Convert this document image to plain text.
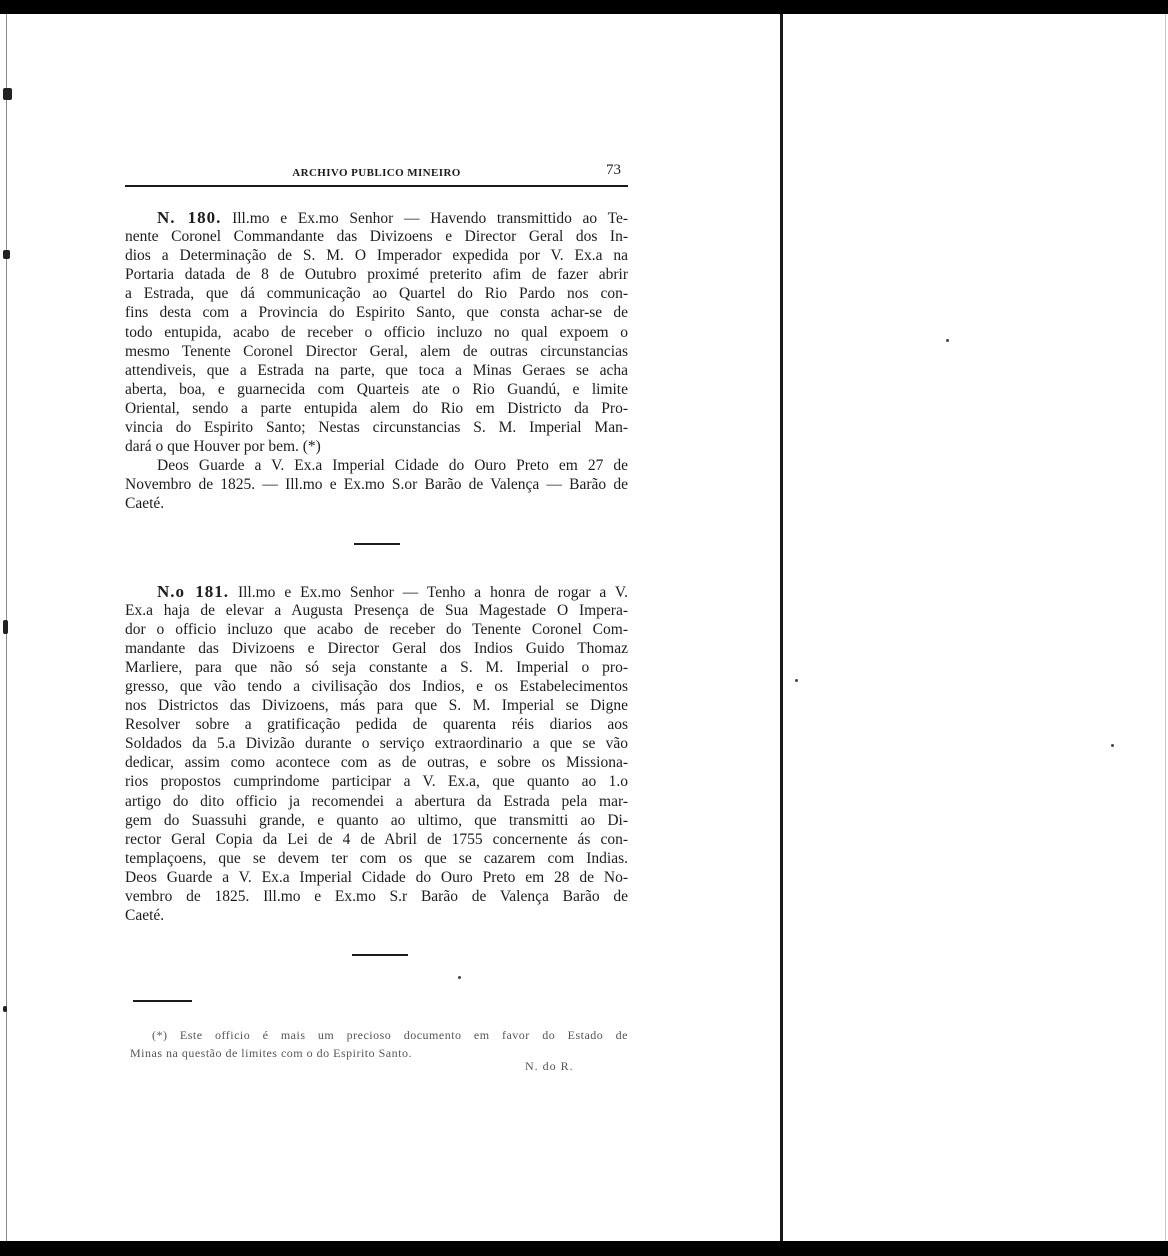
ARCHIVO PUBLICO MINEIRO	73
N. 180. Ill.mo e Ex.mo Senhor — Havendo transmittido ao Te-
nente Coronel Commandante das Divizoens e Director Geral dos In-
dios a Determinação de S. M. O Imperador expedida por V. Ex.a na
Portaria datada de 8 de Outubro proximé preterito afim de fazer abrir
a Estrada, que dá communicação ao Quartel do Rio Pardo nos con-
fins desta com a Provincia do Espirito Santo, que consta achar-se de
todo entupida, acabo de receber o officio incluzo no qual expoem o
mesmo Tenente Coronel Director Geral, alem de outras circunstancias
attendiveis, que a Estrada na parte, que toca a Minas Geraes se acha
aberta, boa, e guarnecida com Quarteis ate o Rio Guandú, e limite
Oriental, sendo a parte entupida alem do Rio em Districto da Pro-
vincia do Espirito Santo; Nestas circunstancias S. M. Imperial Man-
dará o que Houver por bem. (*)
Deos Guarde a V. Ex.a Imperial Cidade do Ouro Preto em 27 de
Novembro de 1825. — Ill.mo e Ex.mo S.or Barão de Valença — Barão de
Caeté.
N.o 181. Ill.mo e Ex.mo Senhor — Tenho a honra de rogar a V.
Ex.a haja de elevar a Augusta Presença de Sua Magestade O Impera-
dor o officio incluzo que acabo de receber do Tenente Coronel Com-
mandante das Divizoens e Director Geral dos Indios Guido Thomaz
Marliere, para que não só seja constante a S. M. Imperial o pro-
gresso, que vão tendo a civilisação dos Indios, e os Estabelecimentos
nos Districtos das Divizoens, más para que S. M. Imperial se Digne
Resolver sobre a gratificação pedida de quarenta réis diarios aos
Soldados da 5.a Divizão durante o serviço extraordinario a que se vão
dedicar, assim como acontece com as de outras, e sobre os Missiona-
rios propostos cumprindome participar a V. Ex.a, que quanto ao 1.o
artigo do dito officio ja recomendei a abertura da Estrada pela mar-
gem do Suassuhi grande, e quanto ao ultimo, que transmitti ao Di-
rector Geral Copia da Lei de 4 de Abril de 1755 concernente ás con-
templaçoens, que se devem ter com os que se cazarem com Indias.
Deos Guarde a V. Ex.a Imperial Cidade do Ouro Preto em 28 de No-
vembro de 1825. Ill.mo e Ex.mo S.r Barão de Valença Barão de
Caeté.
(*) Este officio é mais um precioso documento em favor do Estado de
Minas na questão de limites com o do Espirito Santo.
N. do R.
